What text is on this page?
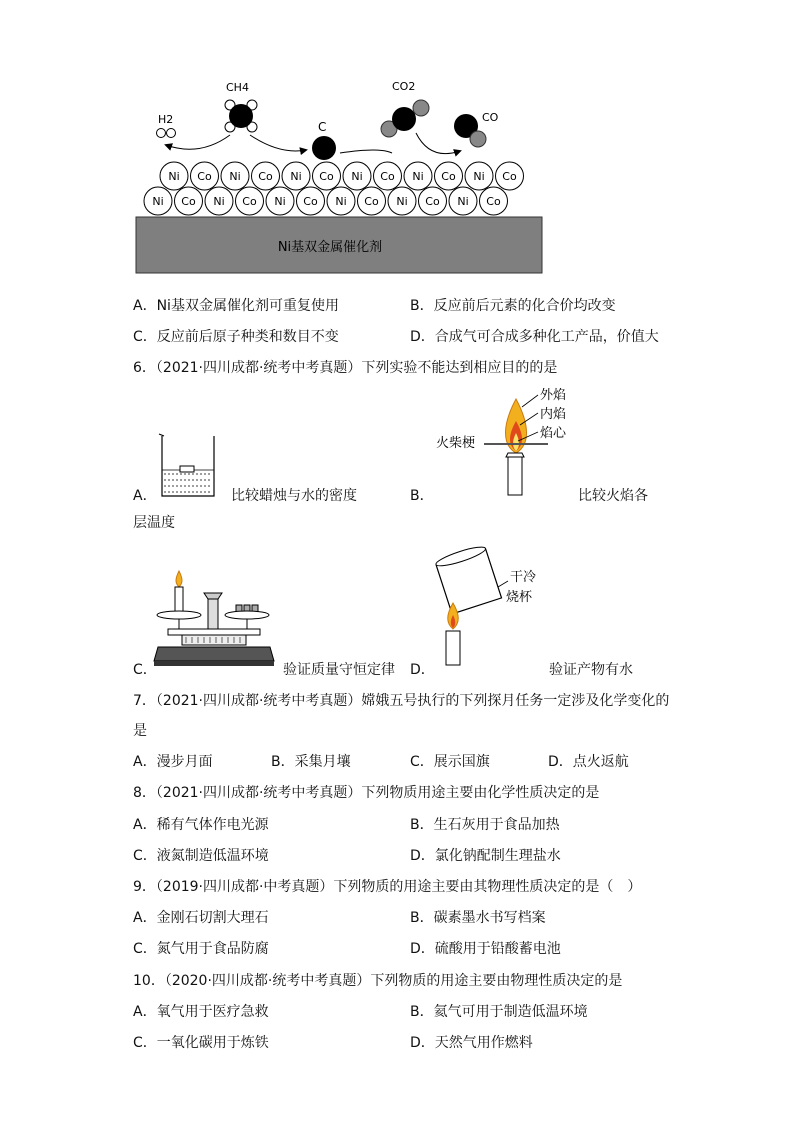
Ni基双金属催化剂
Ni Co Ni Co Ni Co Ni Co Ni Co Ni Co
Ni Co Ni Co Ni Co Ni Co Ni Co Ni Co
H2
CH4
C
CO2
CO
A．Ni基双金属催化剂可重复使用	B．反应前后元素的化合价均改变
C．反应前后原子种类和数目不变	D．合成气可合成多种化工产品，价值大
6．（2021·四川成都·统考中考真题）下列实验不能达到相应目的的是
A．	比较蜡烛与水的密度
外焰
内焰
焰心
火柴梗
B．	比较火焰各
层温度
C．	验证质量守恒定律
干冷
烧杯
D．	验证产物有水
7．（2021·四川成都·统考中考真题）嫦娥五号执行的下列探月任务一定涉及化学变化的
是
A．漫步月面	B．采集月壤	C．展示国旗	D．点火返航
8．（2021·四川成都·统考中考真题）下列物质用途主要由化学性质决定的是
A．稀有气体作电光源	B．生石灰用于食品加热
C．液氮制造低温环境	D．氯化钠配制生理盐水
9．（2019·四川成都·中考真题）下列物质的用途主要由其物理性质决定的是（　）
A．金刚石切割大理石	B．碳素墨水书写档案
C．氮气用于食品防腐	D．硫酸用于铅酸蓄电池
10．（2020·四川成都·统考中考真题）下列物质的用途主要由物理性质决定的是
A．氧气用于医疗急救	B．氦气可用于制造低温环境
C．一氧化碳用于炼铁	D．天然气用作燃料
